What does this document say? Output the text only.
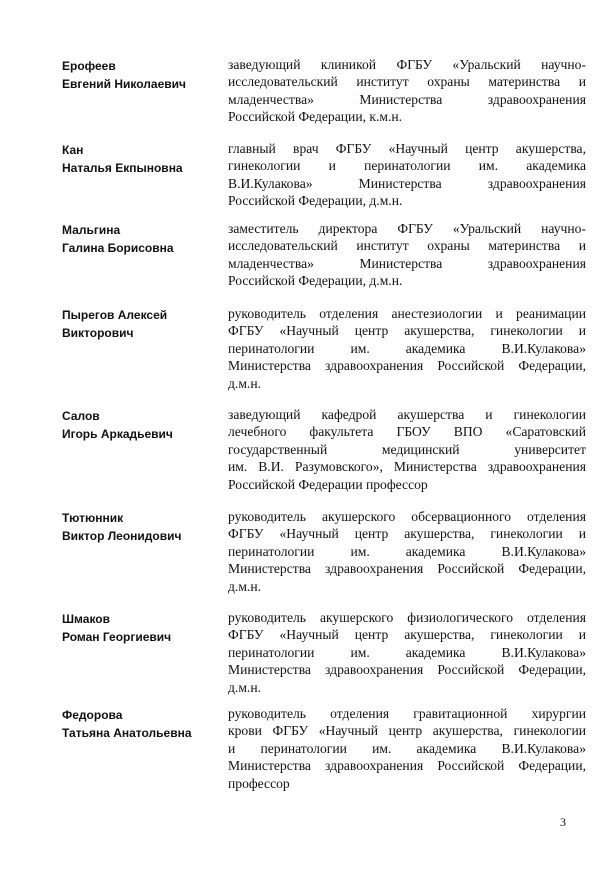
Ерофеев
Евгений Николаевич
заведующий клиникой ФГБУ «Уральский научно-
исследовательский институт охраны материнства и
младенчества» Министерства здравоохранения
Российской Федерации, к.м.н.
Кан
Наталья Екпыновна
главный врач ФГБУ «Научный центр акушерства,
гинекологии и перинатологии им. академика
В.И.Кулакова» Министерства здравоохранения
Российской Федерации, д.м.н.
Мальгина
Галина Борисовна
заместитель директора ФГБУ «Уральский научно-
исследовательский институт охраны материнства и
младенчества» Министерства здравоохранения
Российской Федерации, д.м.н.
Пырегов Алексей
Викторович
руководитель отделения анестезиологии и реанимации
ФГБУ «Научный центр акушерства, гинекологии и
перинатологии им. академика В.И.Кулакова»
Министерства здравоохранения Российской Федерации,
д.м.н.
Салов
Игорь Аркадьевич
заведующий кафедрой акушерства и гинекологии
лечебного факультета ГБОУ ВПО «Саратовский
государственный медицинский университет
им. В.И. Разумовского», Министерства здравоохранения
Российской Федерации профессор
Тютюнник
Виктор Леонидович
руководитель акушерского обсервационного отделения
ФГБУ «Научный центр акушерства, гинекологии и
перинатологии им. академика В.И.Кулакова»
Министерства здравоохранения Российской Федерации,
д.м.н.
Шмаков
Роман Георгиевич
руководитель акушерского физиологического отделения
ФГБУ «Научный центр акушерства, гинекологии и
перинатологии им. академика В.И.Кулакова»
Министерства здравоохранения Российской Федерации,
д.м.н.
Федорова
Татьяна Анатольевна
руководитель отделения гравитационной хирургии
крови ФГБУ «Научный центр акушерства, гинекологии
и перинатологии им. академика В.И.Кулакова»
Министерства здравоохранения Российской Федерации,
профессор
3
